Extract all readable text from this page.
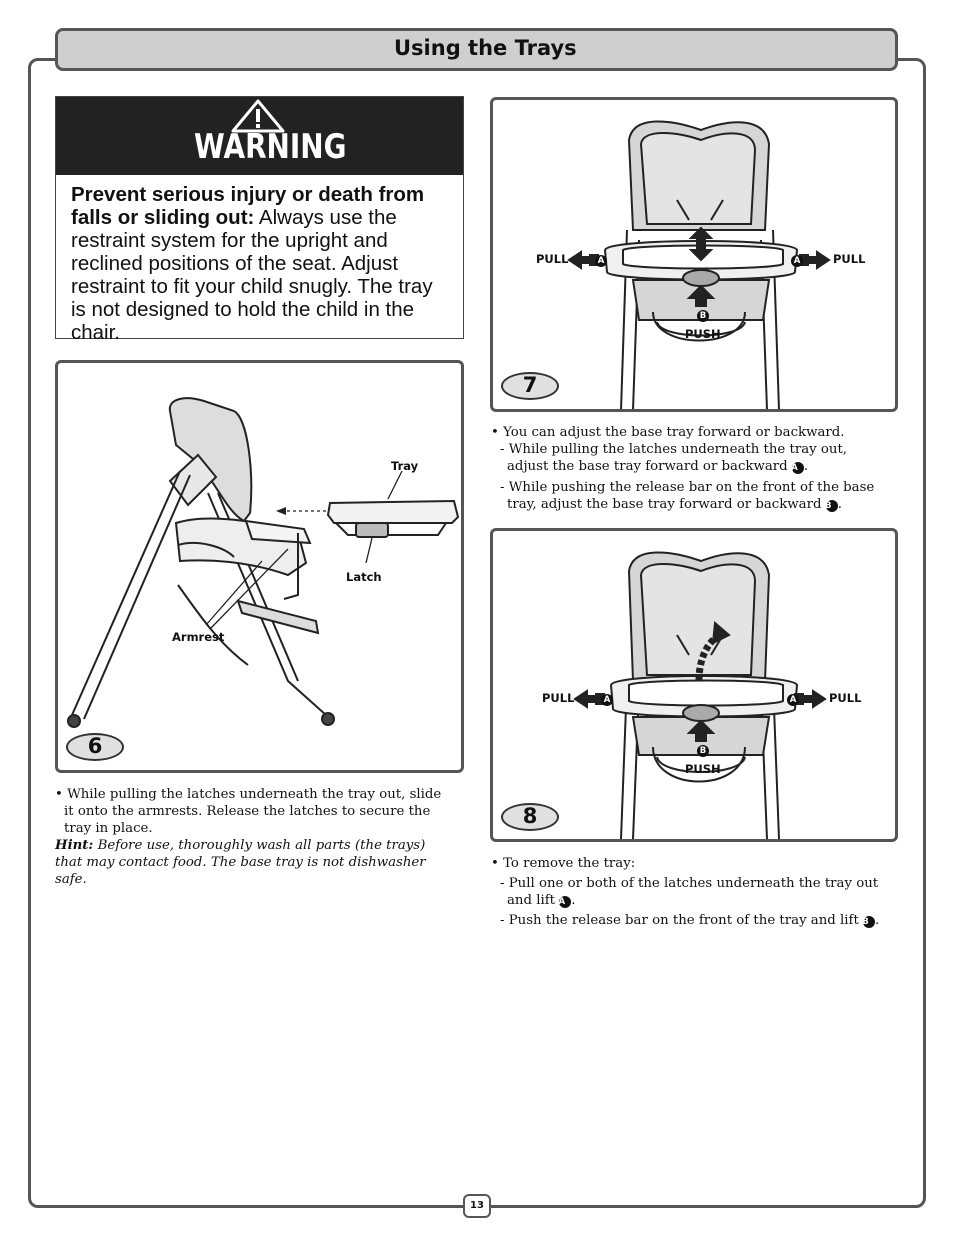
Using the Trays
WARNING
Prevent serious injury or death from falls or sliding out: Always use the restraint system for the upright and reclined positions of the seat. Adjust restraint to fit your child snugly. The tray is not designed to hold the child in the chair.
Tray
Latch
Armrest
6

• While pulling the latches underneath the tray out, slide it onto the armrests. Release the latches to secure the tray in place.

Hint: Before use, thoroughly wash all parts (the trays) that may contact food. The base tray is not dishwasher safe.

PULL	A	A	PULL
B
PUSH
7

• You can adjust the base tray forward or backward.

- While pulling the latches underneath the tray out, adjust the base tray forward or backward A .

- While pushing the release bar on the front of the base tray, adjust the base tray forward or backward B .

PULL	A	A	PULL
B
PUSH
8

• To remove the tray:

- Pull one or both of the latches underneath the tray out and lift A .

- Push the release bar on the front of the tray and lift B .

13
